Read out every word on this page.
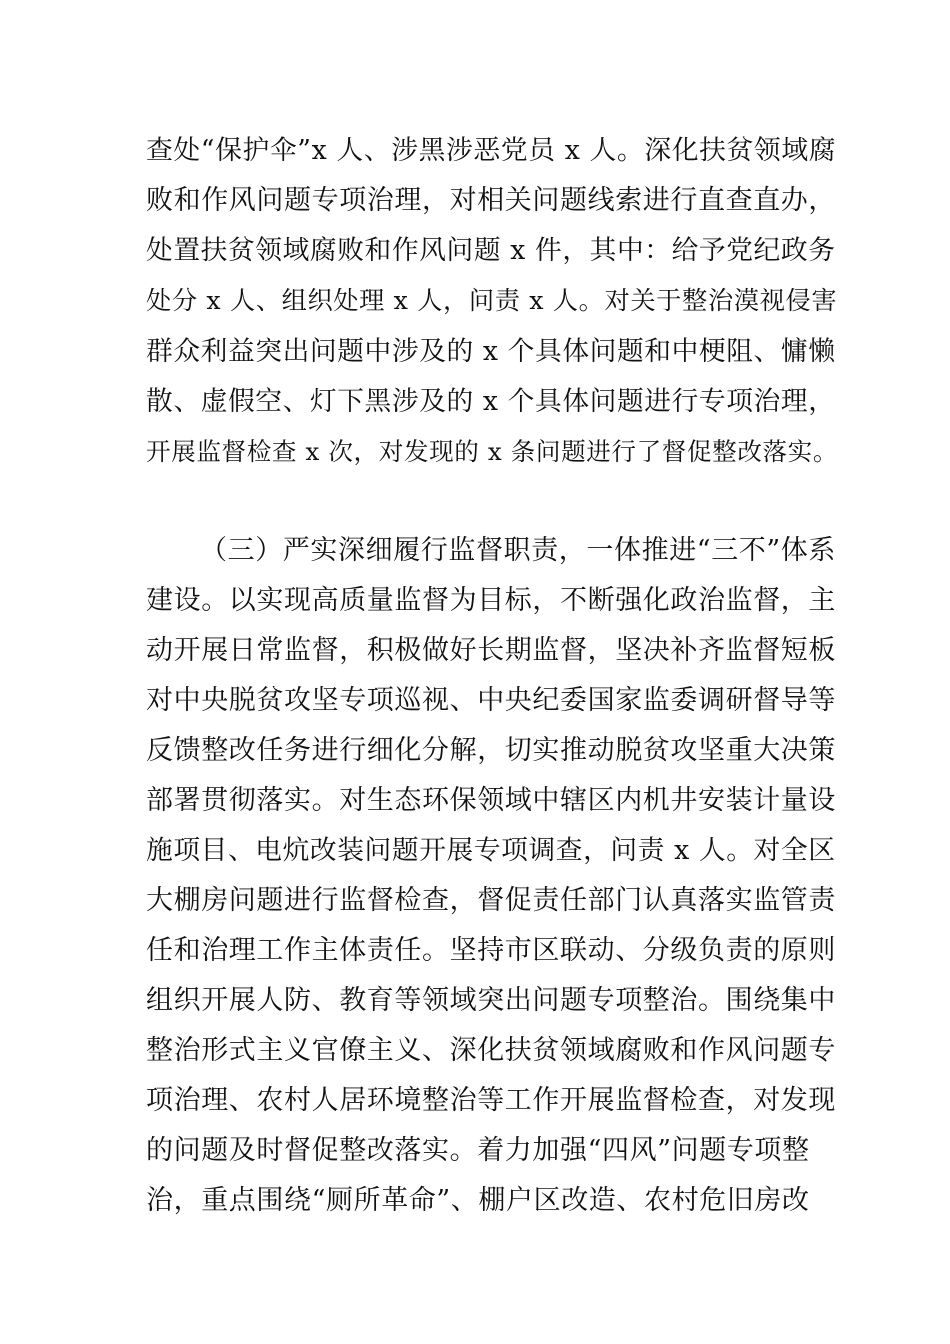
查处“保护伞”x 人、涉黑涉恶党员 x 人。深化扶贫领域腐
败和作风问题专项治理，对相关问题线索进行直查直办，
处置扶贫领域腐败和作风问题 x 件，其中：给予党纪政务
处分 x 人、组织处理 x 人，问责 x 人。对关于整治漠视侵害
群众利益突出问题中涉及的 x 个具体问题和中梗阻、慵懒
散、虚假空、灯下黑涉及的 x 个具体问题进行专项治理，
开展监督检查 x 次，对发现的 x 条问题进行了督促整改落实。
（三）严实深细履行监督职责，一体推进“三不”体系
建设。以实现高质量监督为目标，不断强化政治监督，主
动开展日常监督，积极做好长期监督，坚决补齐监督短板
对中央脱贫攻坚专项巡视、中央纪委国家监委调研督导等
反馈整改任务进行细化分解，切实推动脱贫攻坚重大决策
部署贯彻落实。对生态环保领域中辖区内机井安装计量设
施项目、电炕改装问题开展专项调查，问责 x 人。对全区
大棚房问题进行监督检查，督促责任部门认真落实监管责
任和治理工作主体责任。坚持市区联动、分级负责的原则
组织开展人防、教育等领域突出问题专项整治。围绕集中
整治形式主义官僚主义、深化扶贫领域腐败和作风问题专
项治理、农村人居环境整治等工作开展监督检查，对发现
的问题及时督促整改落实。着力加强“四风”问题专项整
治，重点围绕“厕所革命”、棚户区改造、农村危旧房改
